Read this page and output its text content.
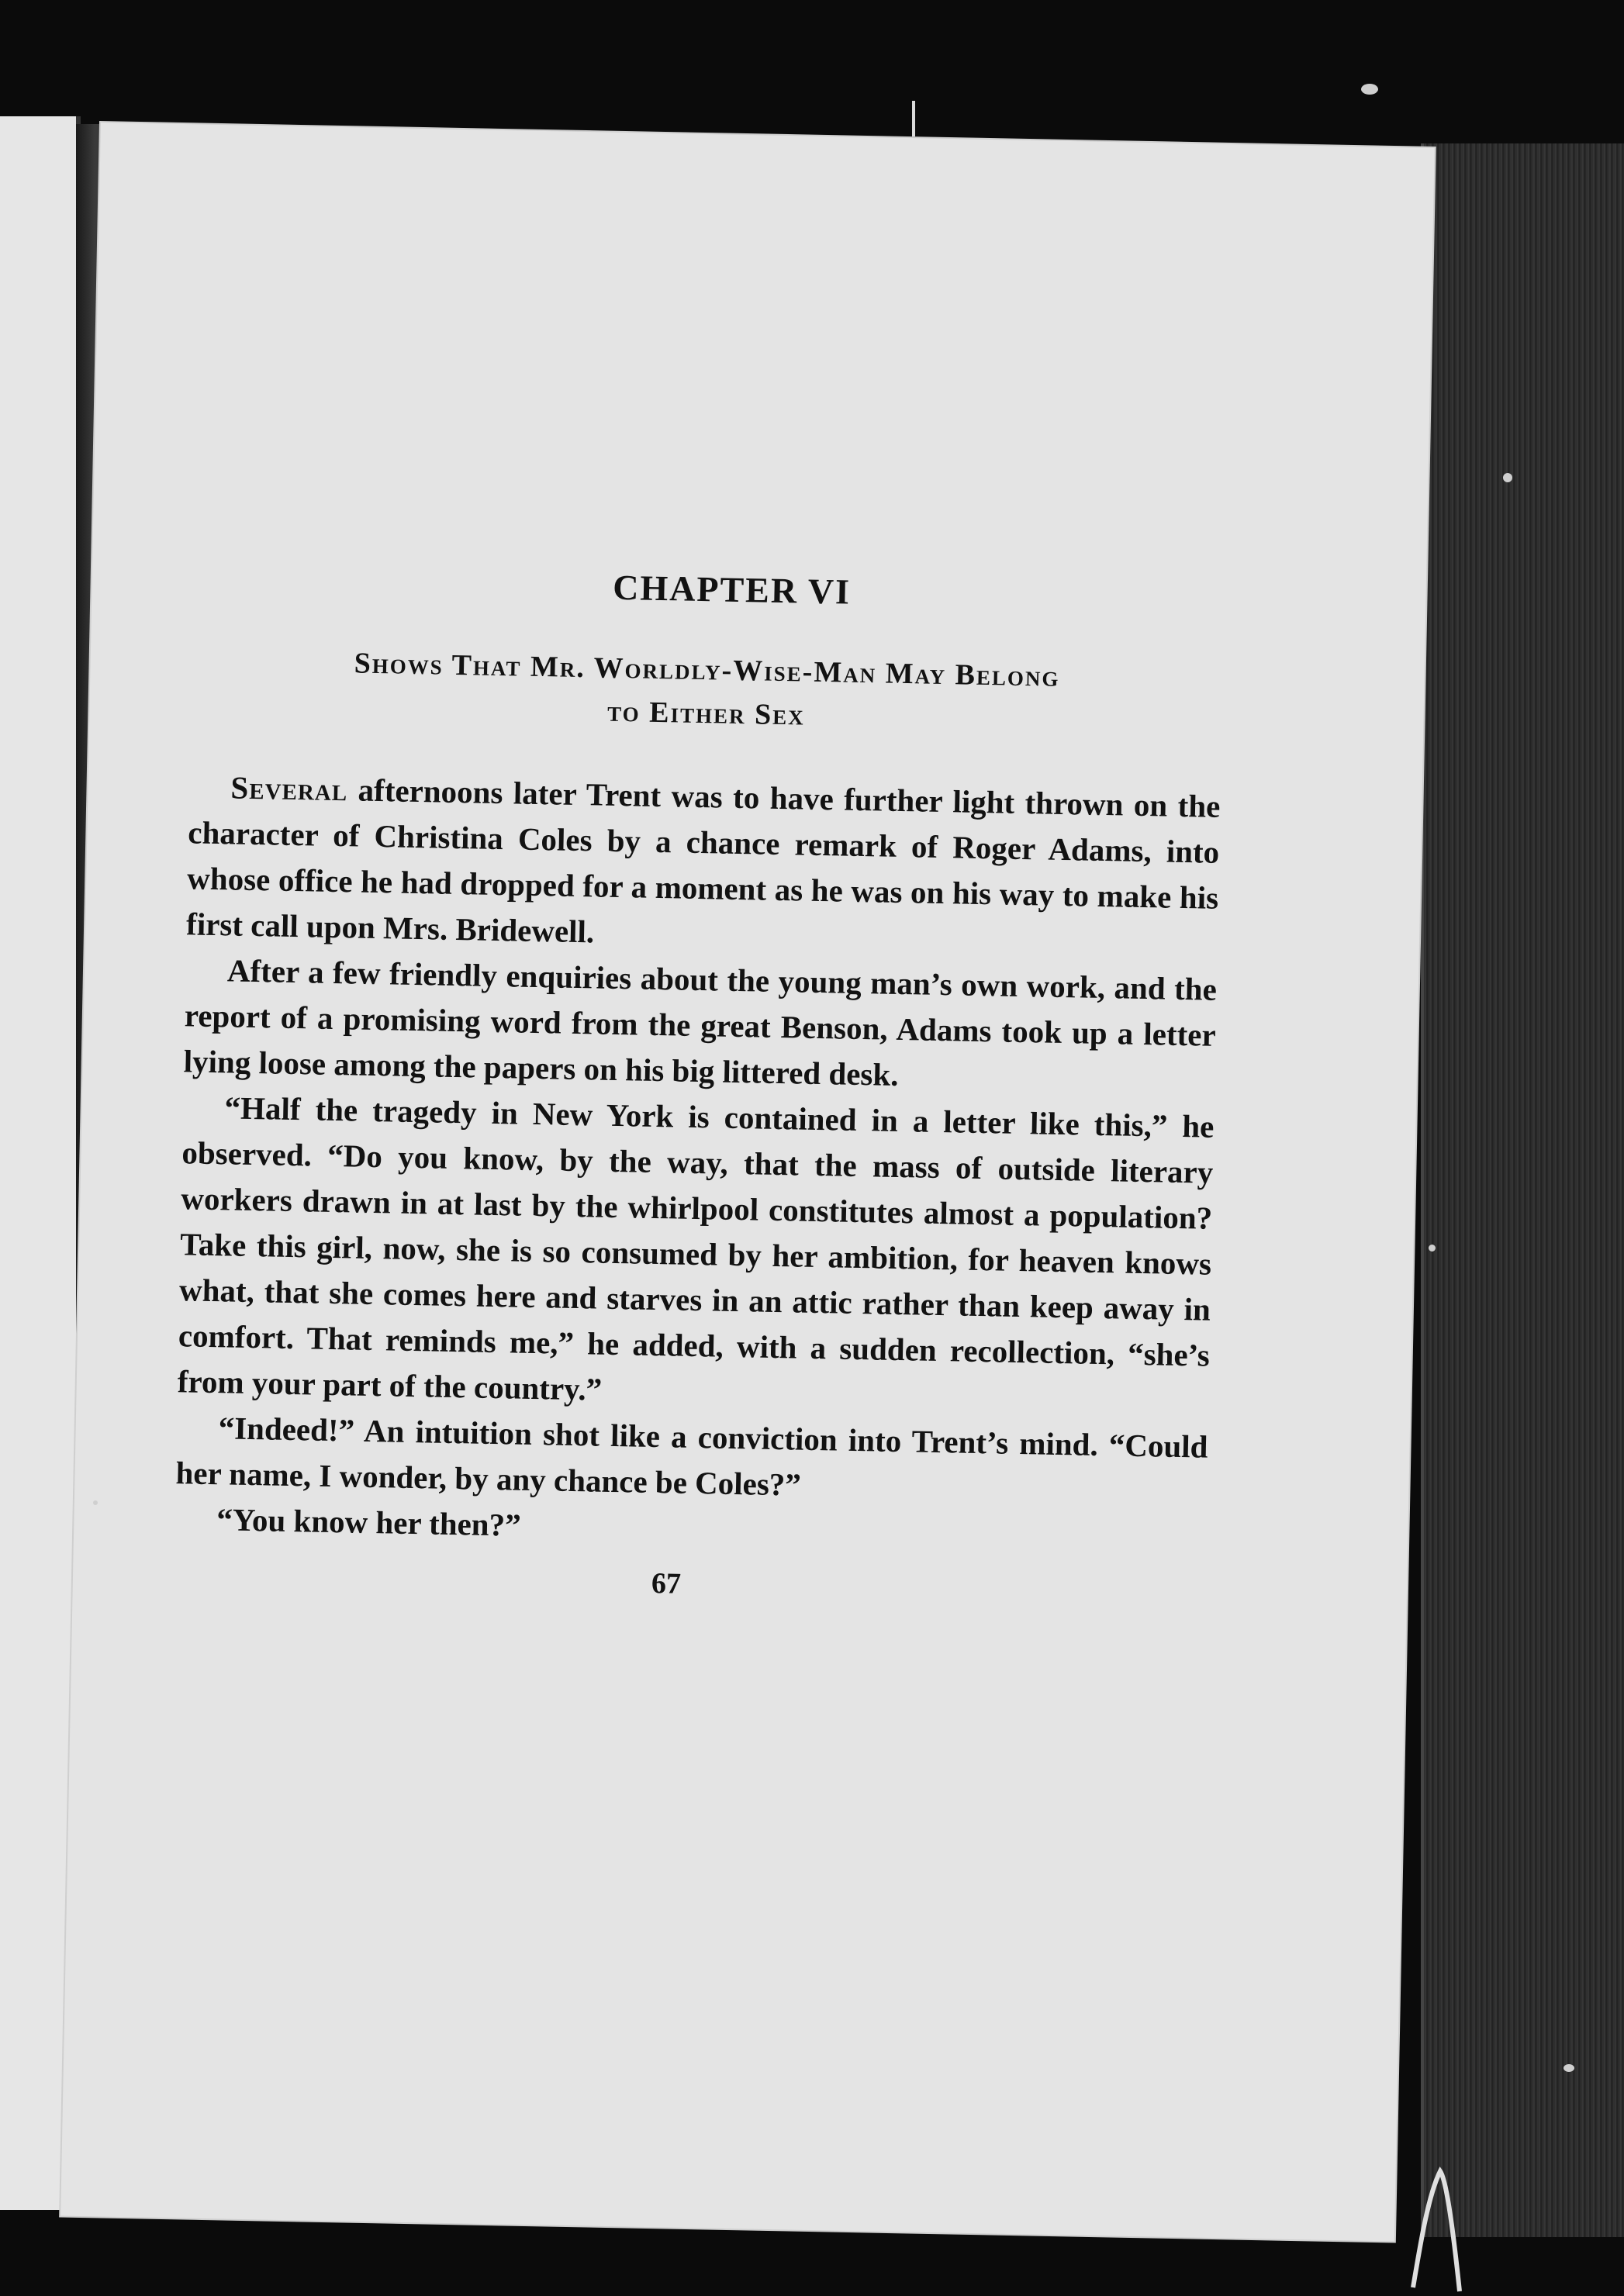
CHAPTER VI
Shows That Mr. Worldly-Wise-Man May Belong
to Either Sex

Several afternoons later Trent was to have further light thrown on the character of Christina Coles by a chance remark of Roger Adams, into whose office he had dropped for a moment as he was on his way to make his first call upon Mrs. Bridewell.

After a few friendly enquiries about the young man’s own work, and the report of a promising word from the great Benson, Adams took up a letter lying loose among the papers on his big littered desk.

“Half the tragedy in New York is contained in a letter like this,” he observed. “Do you know, by the way, that the mass of outside literary workers drawn in at last by the whirlpool constitutes almost a population? Take this girl, now, she is so consumed by her ambition, for heaven knows what, that she comes here and starves in an attic rather than keep away in comfort. That reminds me,” he added, with a sudden recollection, “she’s from your part of the country.”

“Indeed!” An intuition shot like a conviction into Trent’s mind. “Could her name, I wonder, by any chance be Coles?”

“You know her then?”

67
